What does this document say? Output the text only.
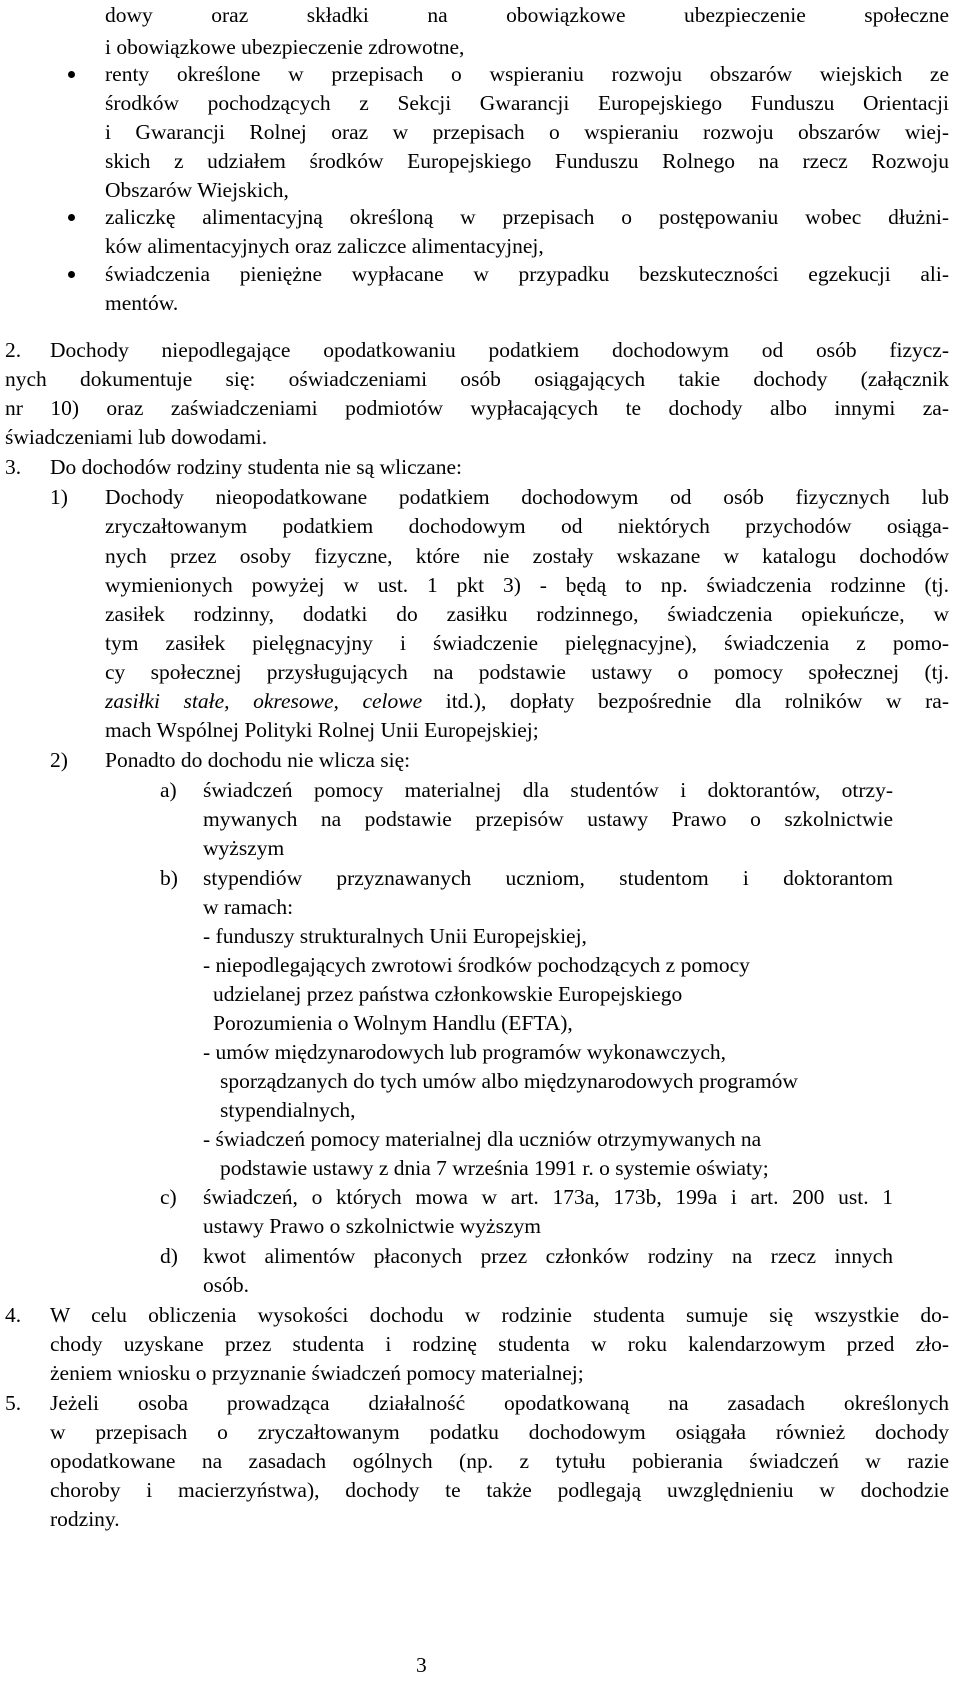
dowy oraz składki na obowiązkowe ubezpieczenie społeczne
i obowiązkowe ubezpieczenie zdrowotne,
renty określone w przepisach o wspieraniu rozwoju obszarów wiejskich ze
środków pochodzących z Sekcji Gwarancji Europejskiego Funduszu Orientacji
i Gwarancji Rolnej oraz w przepisach o wspieraniu rozwoju obszarów wiej-
skich z udziałem środków Europejskiego Funduszu Rolnego na rzecz Rozwoju
Obszarów Wiejskich,
zaliczkę alimentacyjną określoną w przepisach o postępowaniu wobec dłużni-
ków alimentacyjnych oraz zaliczce alimentacyjnej,
świadczenia pieniężne wypłacane w przypadku bezskuteczności egzekucji ali-
mentów.
2. Dochody niepodlegające opodatkowaniu podatkiem dochodowym od osób fizycz-
nych dokumentuje się: oświadczeniami osób osiągających takie dochody (załącznik
nr 10) oraz zaświadczeniami podmiotów wypłacających te dochody albo innymi za-
świadczeniami lub dowodami.
3. Do dochodów rodziny studenta nie są wliczane:
1) Dochody nieopodatkowane podatkiem dochodowym od osób fizycznych lub
zryczałtowanym podatkiem dochodowym od niektórych przychodów osiąga-
nych przez osoby fizyczne, które nie zostały wskazane w katalogu dochodów
wymienionych powyżej w ust. 1 pkt 3) - będą to np. świadczenia rodzinne (tj.
zasiłek rodzinny, dodatki do zasiłku rodzinnego, świadczenia opiekuńcze, w
tym zasiłek pielęgnacyjny i świadczenie pielęgnacyjne), świadczenia z pomo-
cy społecznej przysługujących na podstawie ustawy o pomocy społecznej (tj.
zasiłki stałe, okresowe, celowe itd.), dopłaty bezpośrednie dla rolników w ra-
mach Wspólnej Polityki Rolnej Unii Europejskiej;
2) Ponadto do dochodu nie wlicza się:
a) świadczeń pomocy materialnej dla studentów i doktorantów, otrzy-
mywanych na podstawie przepisów ustawy Prawo o szkolnictwie
wyższym
b) stypendiów przyznawanych uczniom, studentom i doktorantom
w ramach:
- funduszy strukturalnych Unii Europejskiej,
- niepodlegających zwrotowi środków pochodzących z pomocy
udzielanej przez państwa członkowskie Europejskiego
Porozumienia o Wolnym Handlu (EFTA),
- umów międzynarodowych lub programów wykonawczych,
sporządzanych do tych umów albo międzynarodowych programów
stypendialnych,
- świadczeń pomocy materialnej dla uczniów otrzymywanych na
podstawie ustawy z dnia 7 września 1991 r. o systemie oświaty;
c) świadczeń, o których mowa w art. 173a, 173b, 199a i art. 200 ust. 1
ustawy Prawo o szkolnictwie wyższym
d) kwot alimentów płaconych przez członków rodziny na rzecz innych
osób.
4. W celu obliczenia wysokości dochodu w rodzinie studenta sumuje się wszystkie do-
chody uzyskane przez studenta i rodzinę studenta w roku kalendarzowym przed zło-
żeniem wniosku o przyznanie świadczeń pomocy materialnej;
5. Jeżeli osoba prowadząca działalność opodatkowaną na zasadach określonych
w przepisach o zryczałtowanym podatku dochodowym osiągała również dochody
opodatkowane na zasadach ogólnych (np. z tytułu pobierania świadczeń w razie
choroby i macierzyństwa), dochody te także podlegają uwzględnieniu w dochodzie
rodziny.
3
